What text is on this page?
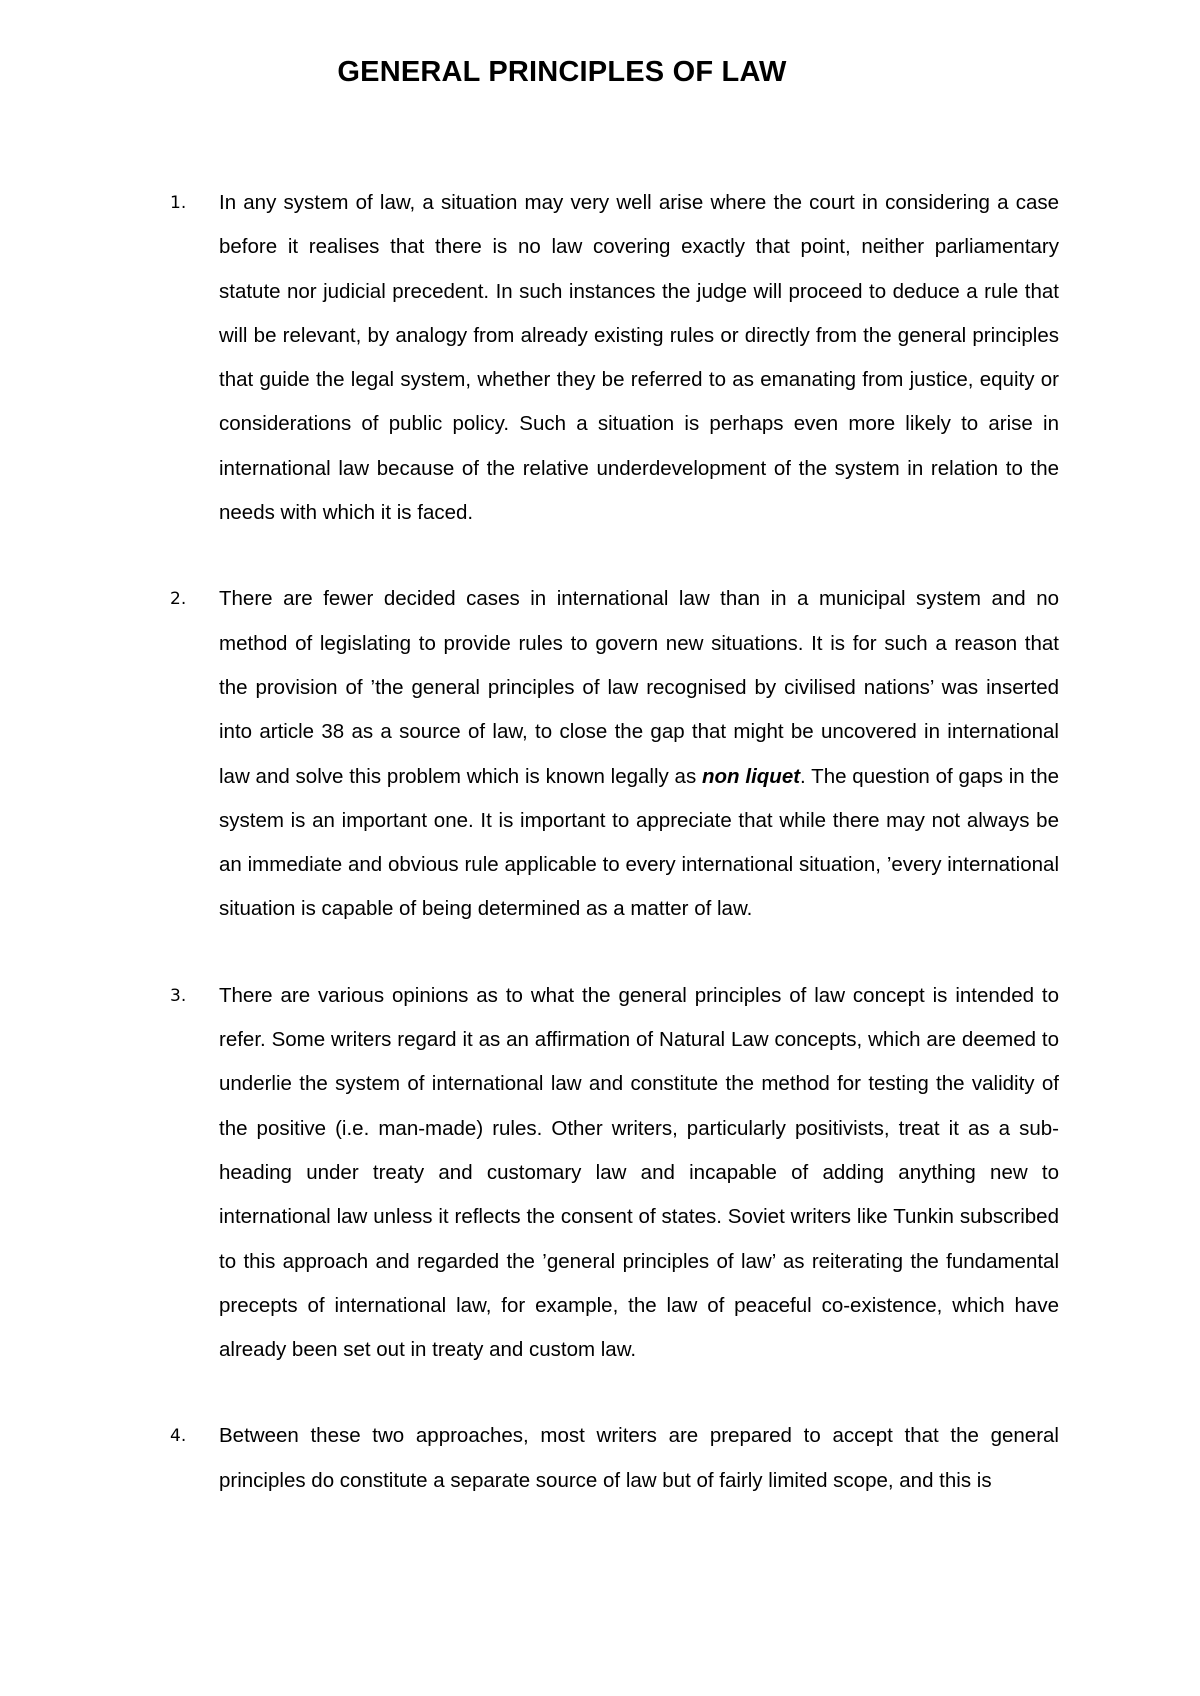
GENERAL PRINCIPLES OF LAW
1. In any system of law, a situation may very well arise where the court in considering a case before it realises that there is no law covering exactly that point, neither parliamentary statute nor judicial precedent. In such instances the judge will proceed to deduce a rule that will be relevant, by analogy from already existing rules or directly from the general principles that guide the legal system, whether they be referred to as emanating from justice, equity or considerations of public policy. Such a situation is perhaps even more likely to arise in international law because of the relative underdevelopment of the system in relation to the needs with which it is faced.

2. There are fewer decided cases in international law than in a municipal system and no method of legislating to provide rules to govern new situations. It is for such a reason that the provision of ’the general principles of law recognised by civilised nations’ was inserted into article 38 as a source of law, to close the gap that might be uncovered in international law and solve this problem which is known legally as non liquet. The question of gaps in the system is an important one. It is important to appreciate that while there may not always be an immediate and obvious rule applicable to every international situation, ’every international situation is capable of being determined as a matter of law.

3. There are various opinions as to what the general principles of law concept is intended to refer. Some writers regard it as an affirmation of Natural Law concepts, which are deemed to underlie the system of international law and constitute the method for testing the validity of the positive (i.e. man-made) rules. Other writers, particularly positivists, treat it as a sub-heading under treaty and customary law and incapable of adding anything new to international law unless it reflects the consent of states. Soviet writers like Tunkin subscribed to this approach and regarded the ’general principles of law’ as reiterating the fundamental precepts of international law, for example, the law of peaceful co-existence, which have already been set out in treaty and custom law.

4. Between these two approaches, most writers are prepared to accept that the general principles do constitute a separate source of law but of fairly limited scope, and this is
